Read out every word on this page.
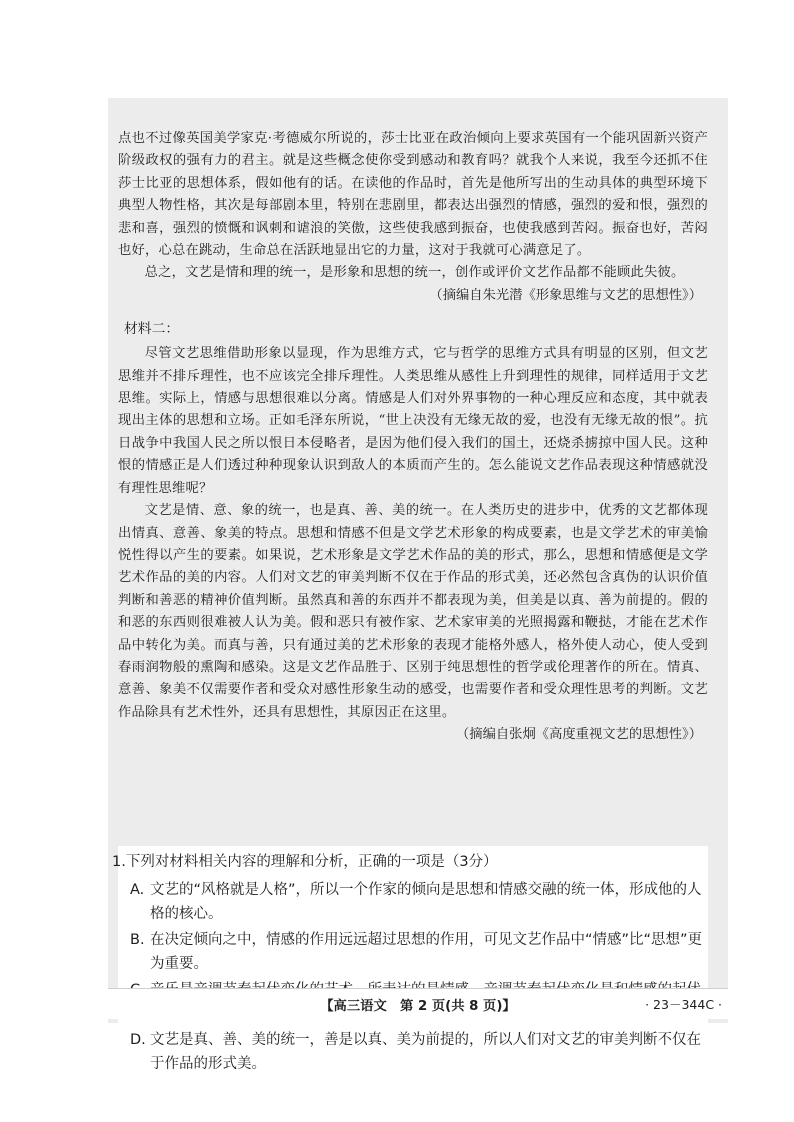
点也不过像英国美学家克·考德威尔所说的，莎士比亚在政治倾向上要求英国有一个能巩固新兴资产阶级政权的强有力的君主。就是这些概念使你受到感动和教育吗？就我个人来说，我至今还抓不住莎士比亚的思想体系，假如他有的话。在读他的作品时，首先是他所写出的生动具体的典型环境下典型人物性格，其次是每部剧本里，特别在悲剧里，都表达出强烈的情感，强烈的爱和恨，强烈的悲和喜，强烈的愤慨和讽刺和谑浪的笑傲，这些使我感到振奋，也使我感到苦闷。振奋也好，苦闷也好，心总在跳动，生命总在活跃地显出它的力量，这对于我就可心满意足了。

总之，文艺是情和理的统一，是形象和思想的统一，创作或评价文艺作品都不能顾此失彼。

（摘编自朱光潜《形象思维与文艺的思想性》）

材料二：

尽管文艺思维借助形象以显现，作为思维方式，它与哲学的思维方式具有明显的区别，但文艺思维并不排斥理性，也不应该完全排斥理性。人类思维从感性上升到理性的规律，同样适用于文艺思维。实际上，情感与思想很难以分离。情感是人们对外界事物的一种心理反应和态度，其中就表现出主体的思想和立场。正如毛泽东所说，“世上决没有无缘无故的爱，也没有无缘无故的恨”。抗日战争中我国人民之所以恨日本侵略者，是因为他们侵入我们的国土，还烧杀掳掠中国人民。这种恨的情感正是人们透过种种现象认识到敌人的本质而产生的。怎么能说文艺作品表现这种情感就没有理性思维呢？

文艺是情、意、象的统一，也是真、善、美的统一。在人类历史的进步中，优秀的文艺都体现出情真、意善、象美的特点。思想和情感不但是文学艺术形象的构成要素，也是文学艺术的审美愉悦性得以产生的要素。如果说，艺术形象是文学艺术作品的美的形式，那么，思想和情感便是文学艺术作品的美的内容。人们对文艺的审美判断不仅在于作品的形式美，还必然包含真伪的认识价值判断和善恶的精神价值判断。虽然真和善的东西并不都表现为美，但美是以真、善为前提的。假的和恶的东西则很难被人认为美。假和恶只有被作家、艺术家审美的光照揭露和鞭挞，才能在艺术作品中转化为美。而真与善，只有通过美的艺术形象的表现才能格外感人，格外使人动心，使人受到春雨润物般的熏陶和感染。这是文艺作品胜于、区别于纯思想性的哲学或伦理著作的所在。情真、意善、象美不仅需要作者和受众对感性形象生动的感受，也需要作者和受众理性思考的判断。文艺作品除具有艺术性外，还具有思想性，其原因正在这里。

（摘编自张炯《高度重视文艺的思想性》）

1.下列对材料相关内容的理解和分析，正确的一项是（3分）

A. 文艺的“风格就是人格”，所以一个作家的倾向是思想和情感交融的统一体，形成他的人格的核心。
B. 在决定倾向之中，情感的作用远远超过思想的作用，可见文艺作品中“情感”比“思想”更为重要。
D. 文艺是真、善、美的统一，善是以真、美为前提的，所以人们对文艺的审美判断不仅在于作品的形式美。
【高三语文　第 2 页(共 8 页)】	· 23－344C ·
